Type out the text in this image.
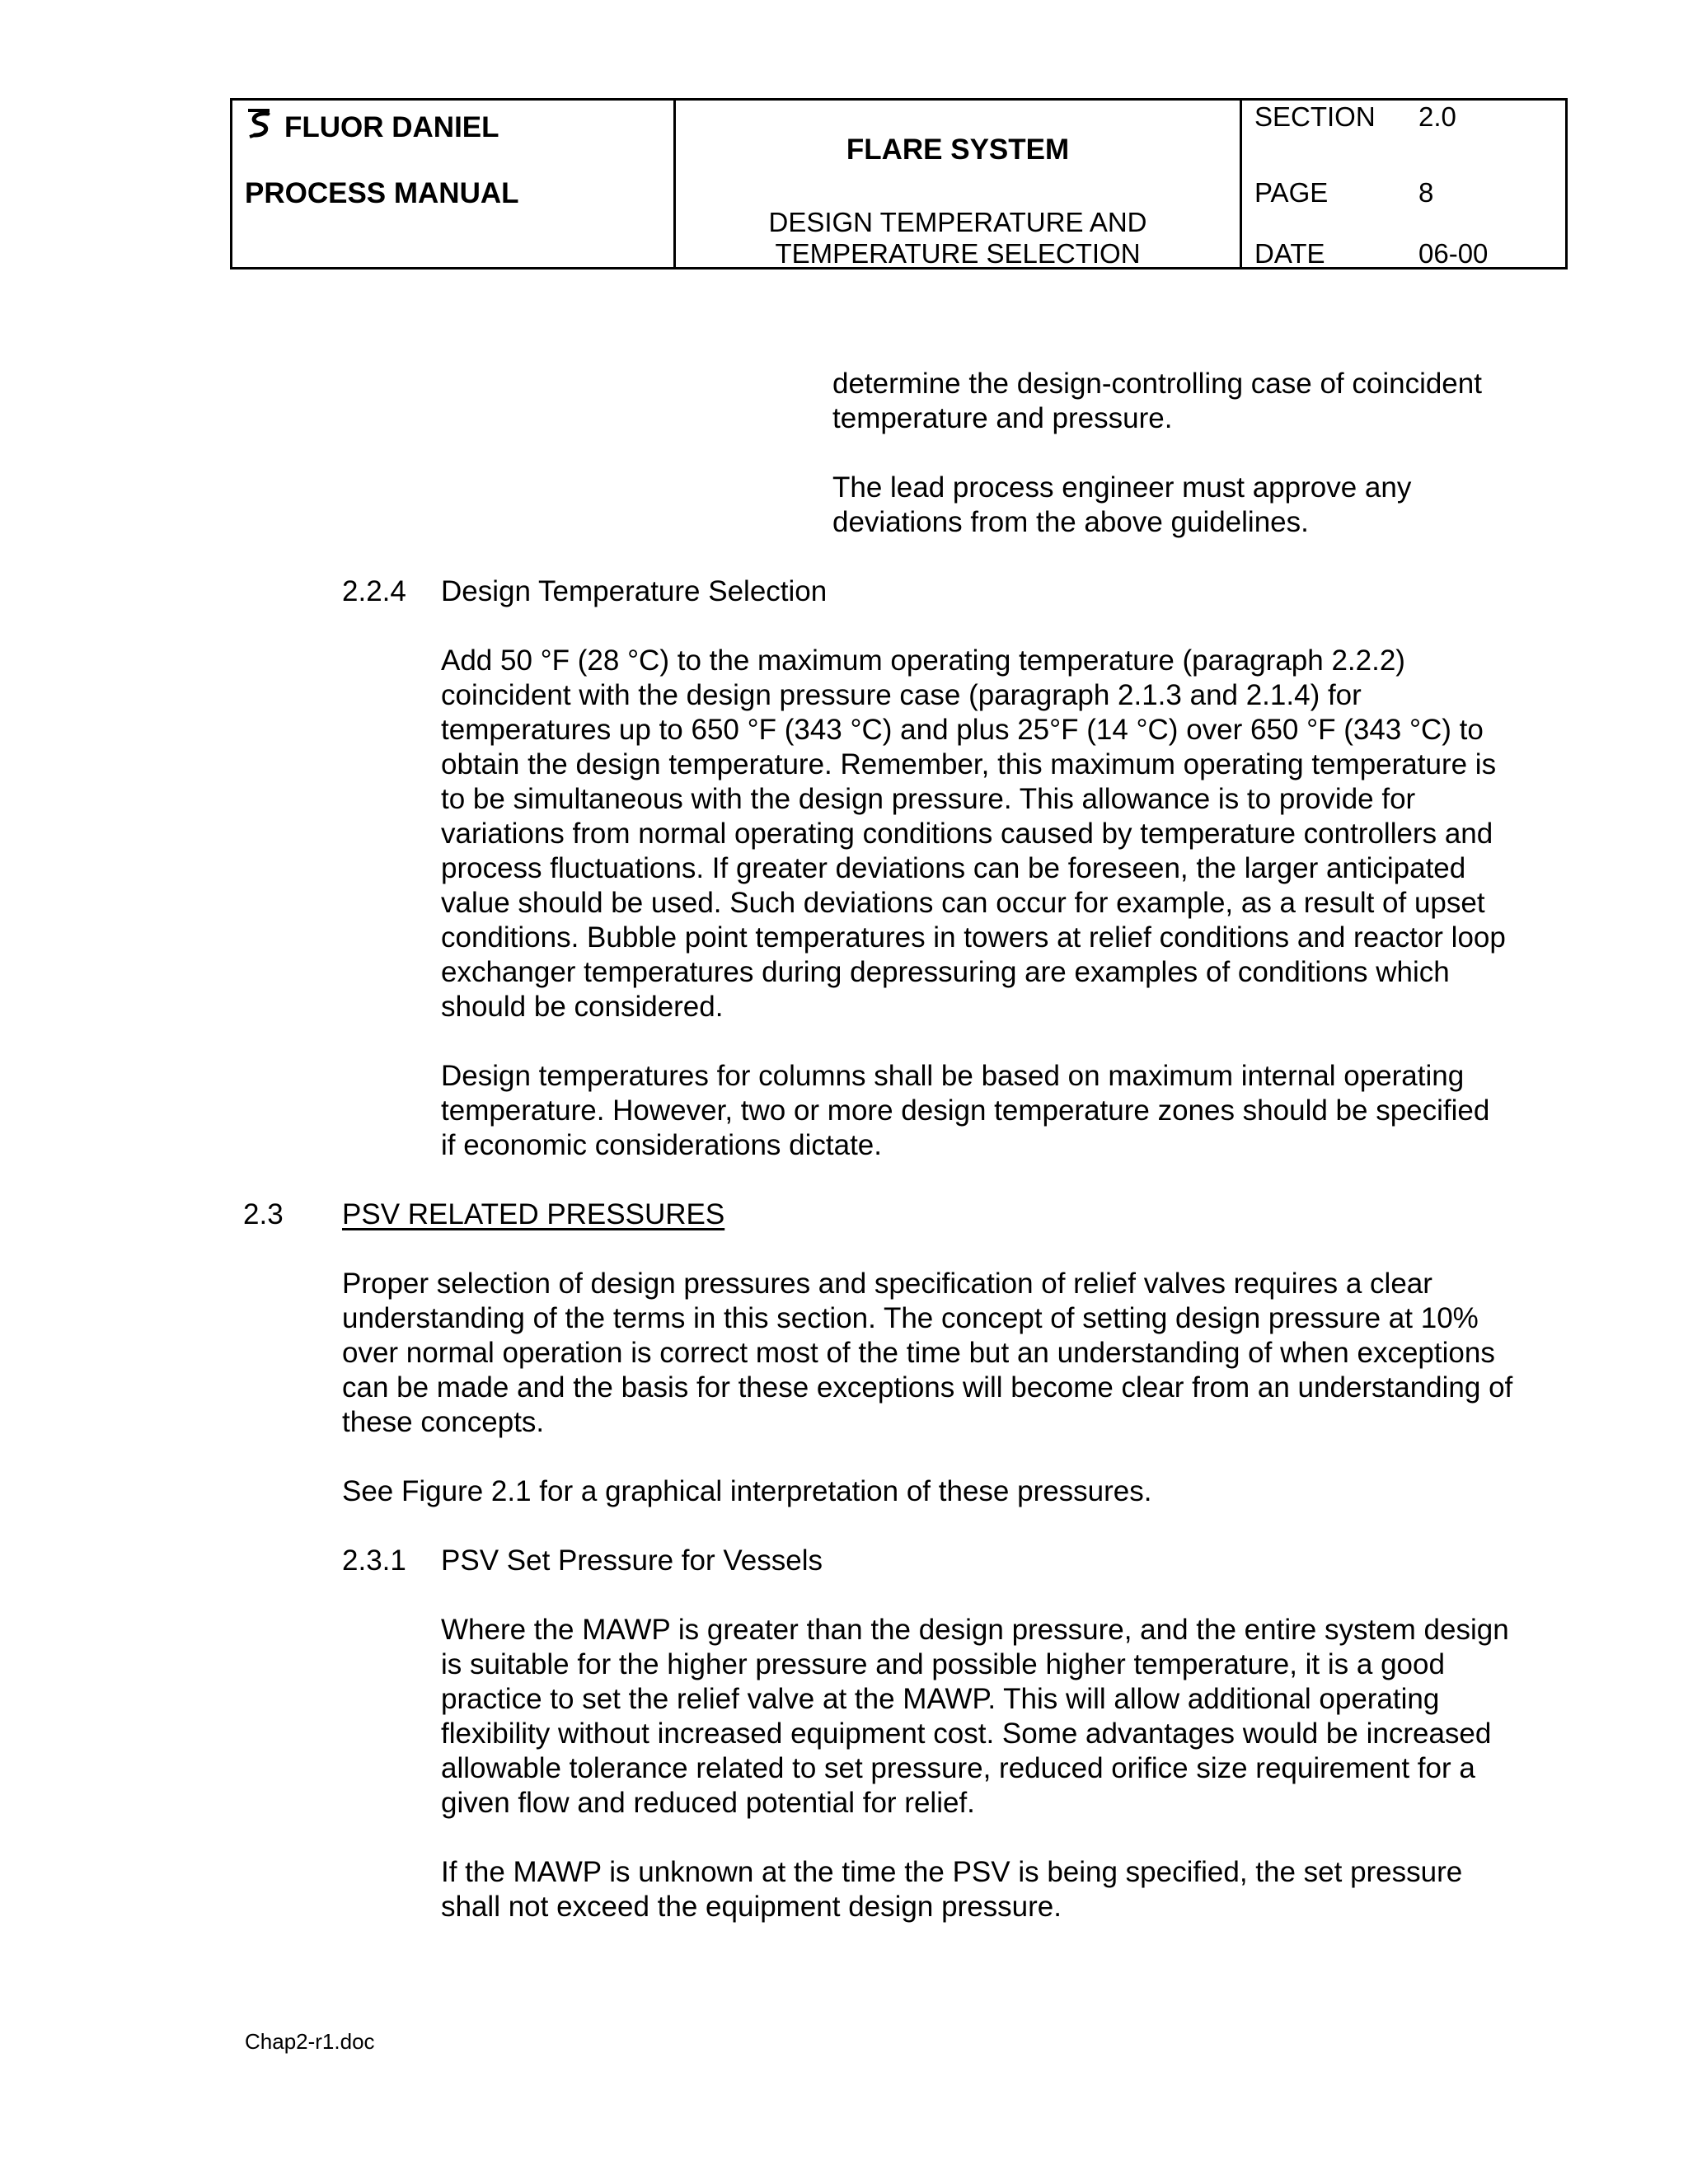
FLUOR DANIEL
PROCESS MANUAL
FLARE SYSTEM
DESIGN TEMPERATURE AND
TEMPERATURE SELECTION
SECTION 2.0
PAGE	8
DATE	06-00
determine the design-controlling case of coincident
temperature and pressure.
The lead process engineer must approve any
deviations from the above guidelines.
2.2.4 Design Temperature Selection
Add 50 °F (28 °C) to the maximum operating temperature (paragraph 2.2.2)
coincident with the design pressure case (paragraph 2.1.3 and 2.1.4) for
temperatures up to 650 °F (343 °C) and plus 25°F (14 °C) over 650 °F (343 °C) to
obtain the design temperature. Remember, this maximum operating temperature is
to be simultaneous with the design pressure. This allowance is to provide for
variations from normal operating conditions caused by temperature controllers and
process fluctuations. If greater deviations can be foreseen, the larger anticipated
value should be used. Such deviations can occur for example, as a result of upset
conditions. Bubble point temperatures in towers at relief conditions and reactor loop
exchanger temperatures during depressuring are examples of conditions which
should be considered.
Design temperatures for columns shall be based on maximum internal operating
temperature. However, two or more design temperature zones should be specified
if economic considerations dictate.
2.3 PSV RELATED PRESSURES
Proper selection of design pressures and specification of relief valves requires a clear
understanding of the terms in this section. The concept of setting design pressure at 10%
over normal operation is correct most of the time but an understanding of when exceptions
can be made and the basis for these exceptions will become clear from an understanding of
these concepts.
See Figure 2.1 for a graphical interpretation of these pressures.
2.3.1 PSV Set Pressure for Vessels
Where the MAWP is greater than the design pressure, and the entire system design
is suitable for the higher pressure and possible higher temperature, it is a good
practice to set the relief valve at the MAWP. This will allow additional operating
flexibility without increased equipment cost. Some advantages would be increased
allowable tolerance related to set pressure, reduced orifice size requirement for a
given flow and reduced potential for relief.
If the MAWP is unknown at the time the PSV is being specified, the set pressure
shall not exceed the equipment design pressure.
Chap2-r1.doc
